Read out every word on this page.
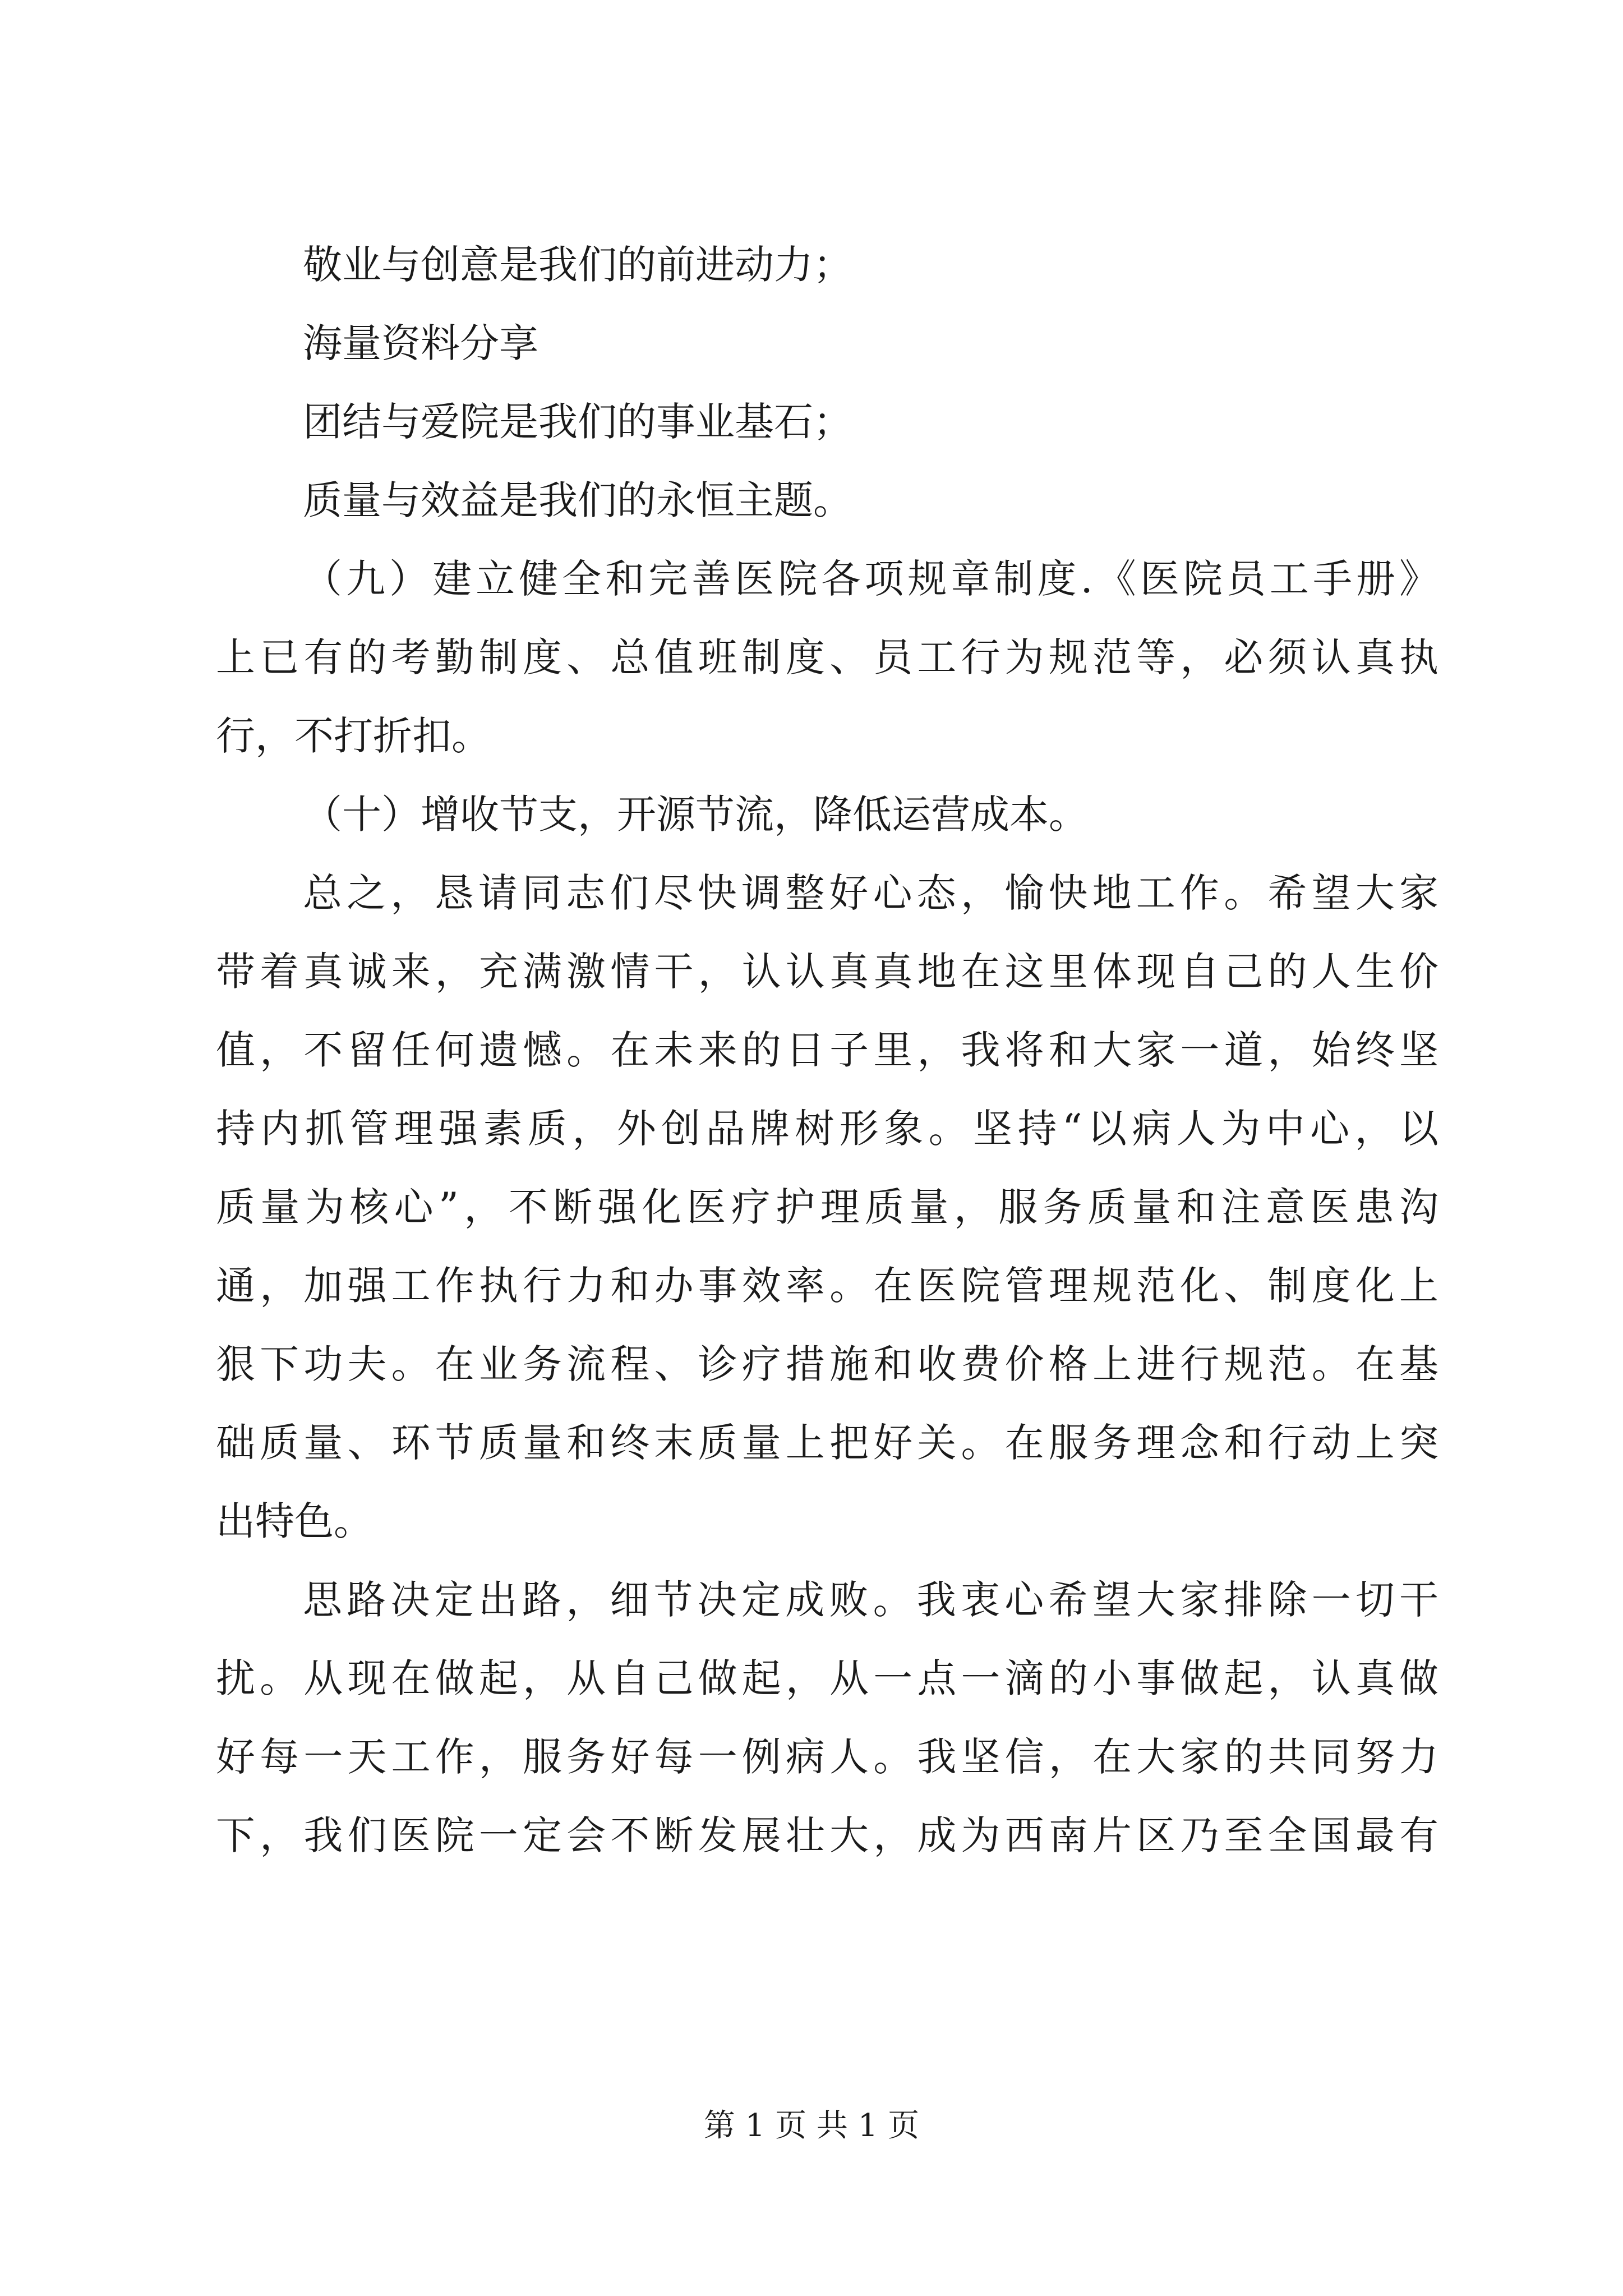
敬业与创意是我们的前进动力；
海量资料分享
团结与爱院是我们的事业基石；
质量与效益是我们的永恒主题。
（九）建立健全和完善医院各项规章制度.《医院员工手册》
上已有的考勤制度、总值班制度、员工行为规范等，必须认真执
行，不打折扣。
（十）增收节支，开源节流，降低运营成本。
总之，恳请同志们尽快调整好心态，愉快地工作。希望大家
带着真诚来，充满激情干，认认真真地在这里体现自己的人生价
值，不留任何遗憾。在未来的日子里，我将和大家一道，始终坚
持内抓管理强素质，外创品牌树形象。坚持“以病人为中心，以
质量为核心”，不断强化医疗护理质量，服务质量和注意医患沟
通，加强工作执行力和办事效率。在医院管理规范化、制度化上
狠下功夫。在业务流程、诊疗措施和收费价格上进行规范。在基
础质量、环节质量和终末质量上把好关。在服务理念和行动上突
出特色。
思路决定出路，细节决定成败。我衷心希望大家排除一切干
扰。从现在做起，从自己做起，从一点一滴的小事做起，认真做
好每一天工作，服务好每一例病人。我坚信，在大家的共同努力
下，我们医院一定会不断发展壮大，成为西南片区乃至全国最有
第 1 页 共 1 页
